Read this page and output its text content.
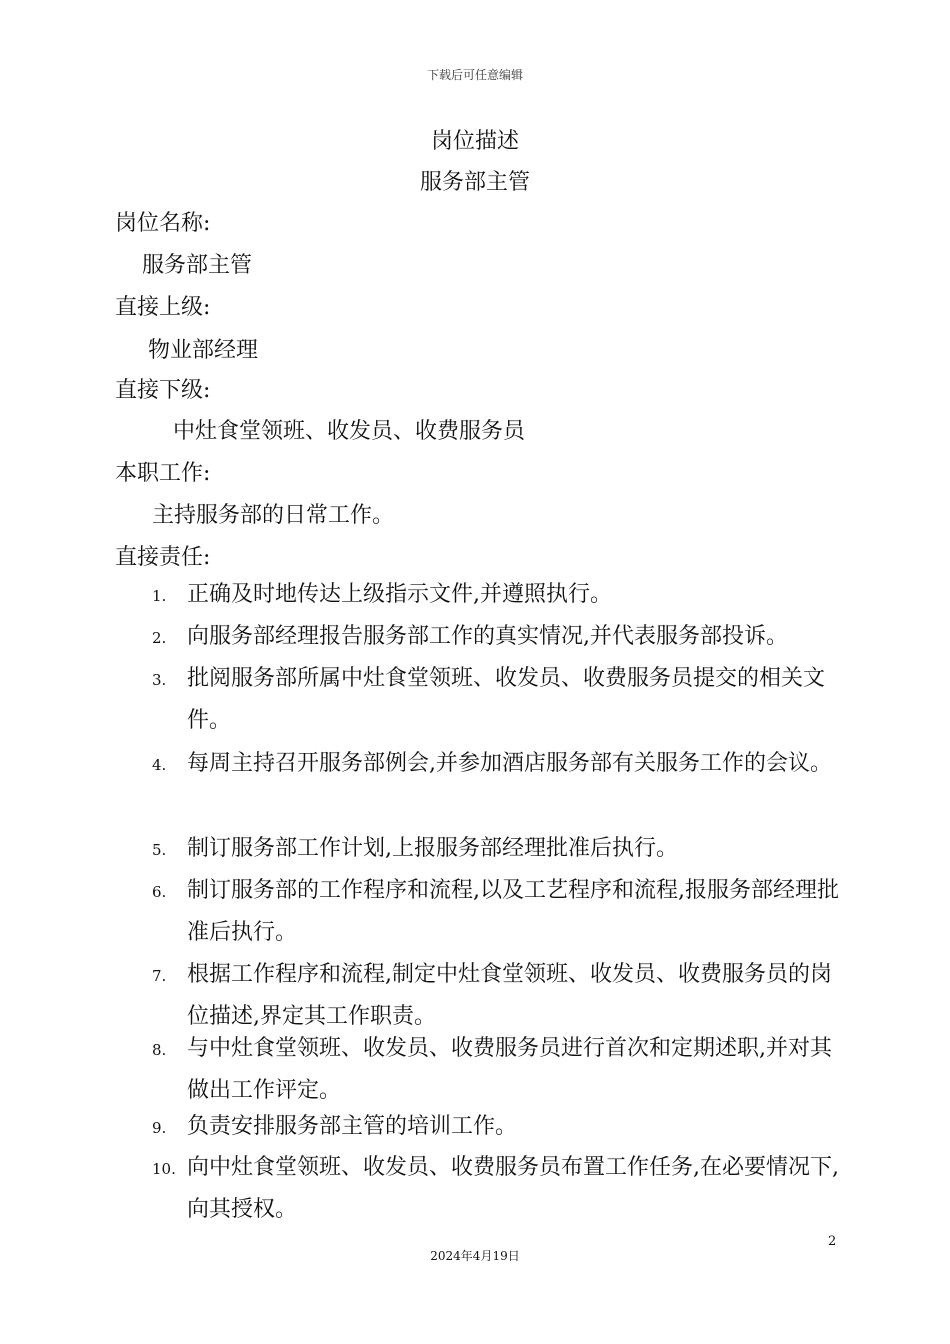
下载后可任意编辑
岗位描述
服务部主管
岗位名称:
服务部主管
直接上级:
物业部经理
直接下级:
中灶食堂领班、收发员、收费服务员
本职工作:
主持服务部的日常工作。
直接责任:
1. 正确及时地传达上级指示文件,并遵照执行。
2. 向服务部经理报告服务部工作的真实情况,并代表服务部投诉。
3. 批阅服务部所属中灶食堂领班、收发员、收费服务员提交的相关文件。
4. 每周主持召开服务部例会,并参加酒店服务部有关服务工作的会议。
5. 制订服务部工作计划,上报服务部经理批准后执行。
6. 制订服务部的工作程序和流程,以及工艺程序和流程,报服务部经理批准后执行。
7. 根据工作程序和流程,制定中灶食堂领班、收发员、收费服务员的岗位描述,界定其工作职责。
8. 与中灶食堂领班、收发员、收费服务员进行首次和定期述职,并对其做出工作评定。
9. 负责安排服务部主管的培训工作。
10. 向中灶食堂领班、收发员、收费服务员布置工作任务,在必要情况下,向其授权。
2
2024年4月19日
